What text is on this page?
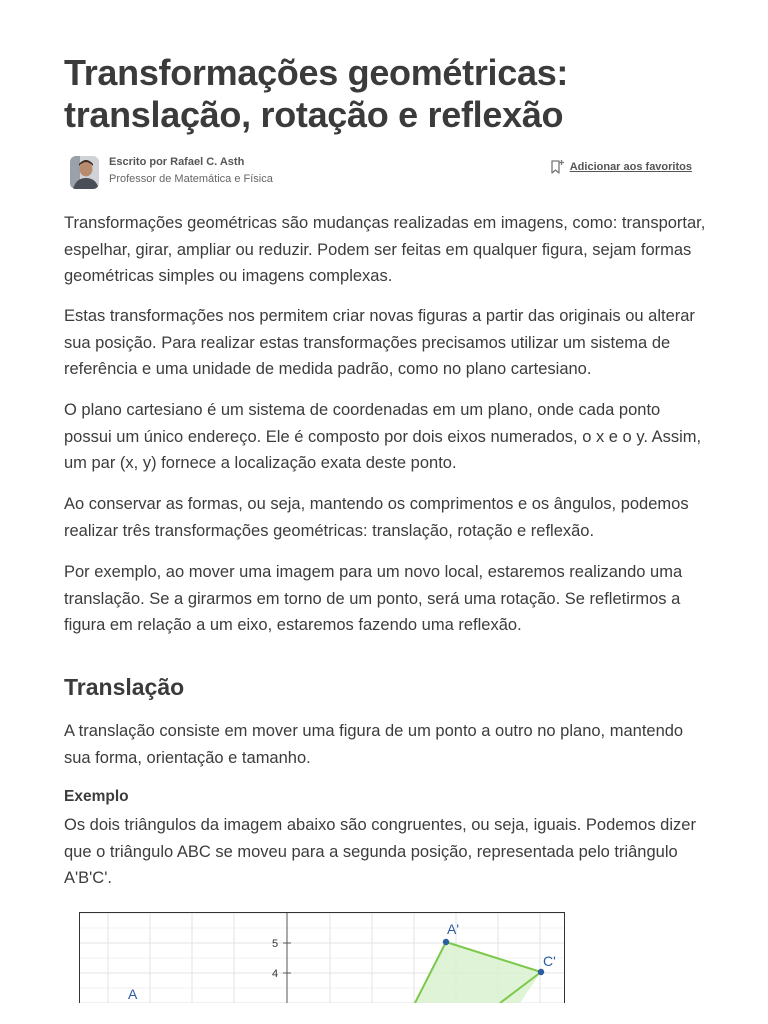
Transformações geométricas:
translação, rotação e reflexão
Escrito por Rafael C. Asth
Professor de Matemática e Física
Adicionar aos favoritos

Transformações geométricas são mudanças realizadas em imagens, como: transportar, espelhar, girar, ampliar ou reduzir. Podem ser feitas em qualquer figura, sejam formas geométricas simples ou imagens complexas.

Estas transformações nos permitem criar novas figuras a partir das originais ou alterar sua posição. Para realizar estas transformações precisamos utilizar um sistema de referência e uma unidade de medida padrão, como no plano cartesiano.

O plano cartesiano é um sistema de coordenadas em um plano, onde cada ponto possui um único endereço. Ele é composto por dois eixos numerados, o x e o y. Assim, um par (x, y) fornece a localização exata deste ponto.

Ao conservar as formas, ou seja, mantendo os comprimentos e os ângulos, podemos realizar três transformações geométricas: translação, rotação e reflexão.

Por exemplo, ao mover uma imagem para um novo local, estaremos realizando uma translação. Se a girarmos em torno de um ponto, será uma rotação. Se refletirmos a figura em relação a um eixo, estaremos fazendo uma reflexão.

Translação

A translação consiste em mover uma figura de um ponto a outro no plano, mantendo sua forma, orientação e tamanho.

Exemplo

Os dois triângulos da imagem abaixo são congruentes, ou seja, iguais. Podemos dizer que o triângulo ABC se moveu para a segunda posição, representada pelo triângulo A'B'C'.

5
4
A'
C'
A
